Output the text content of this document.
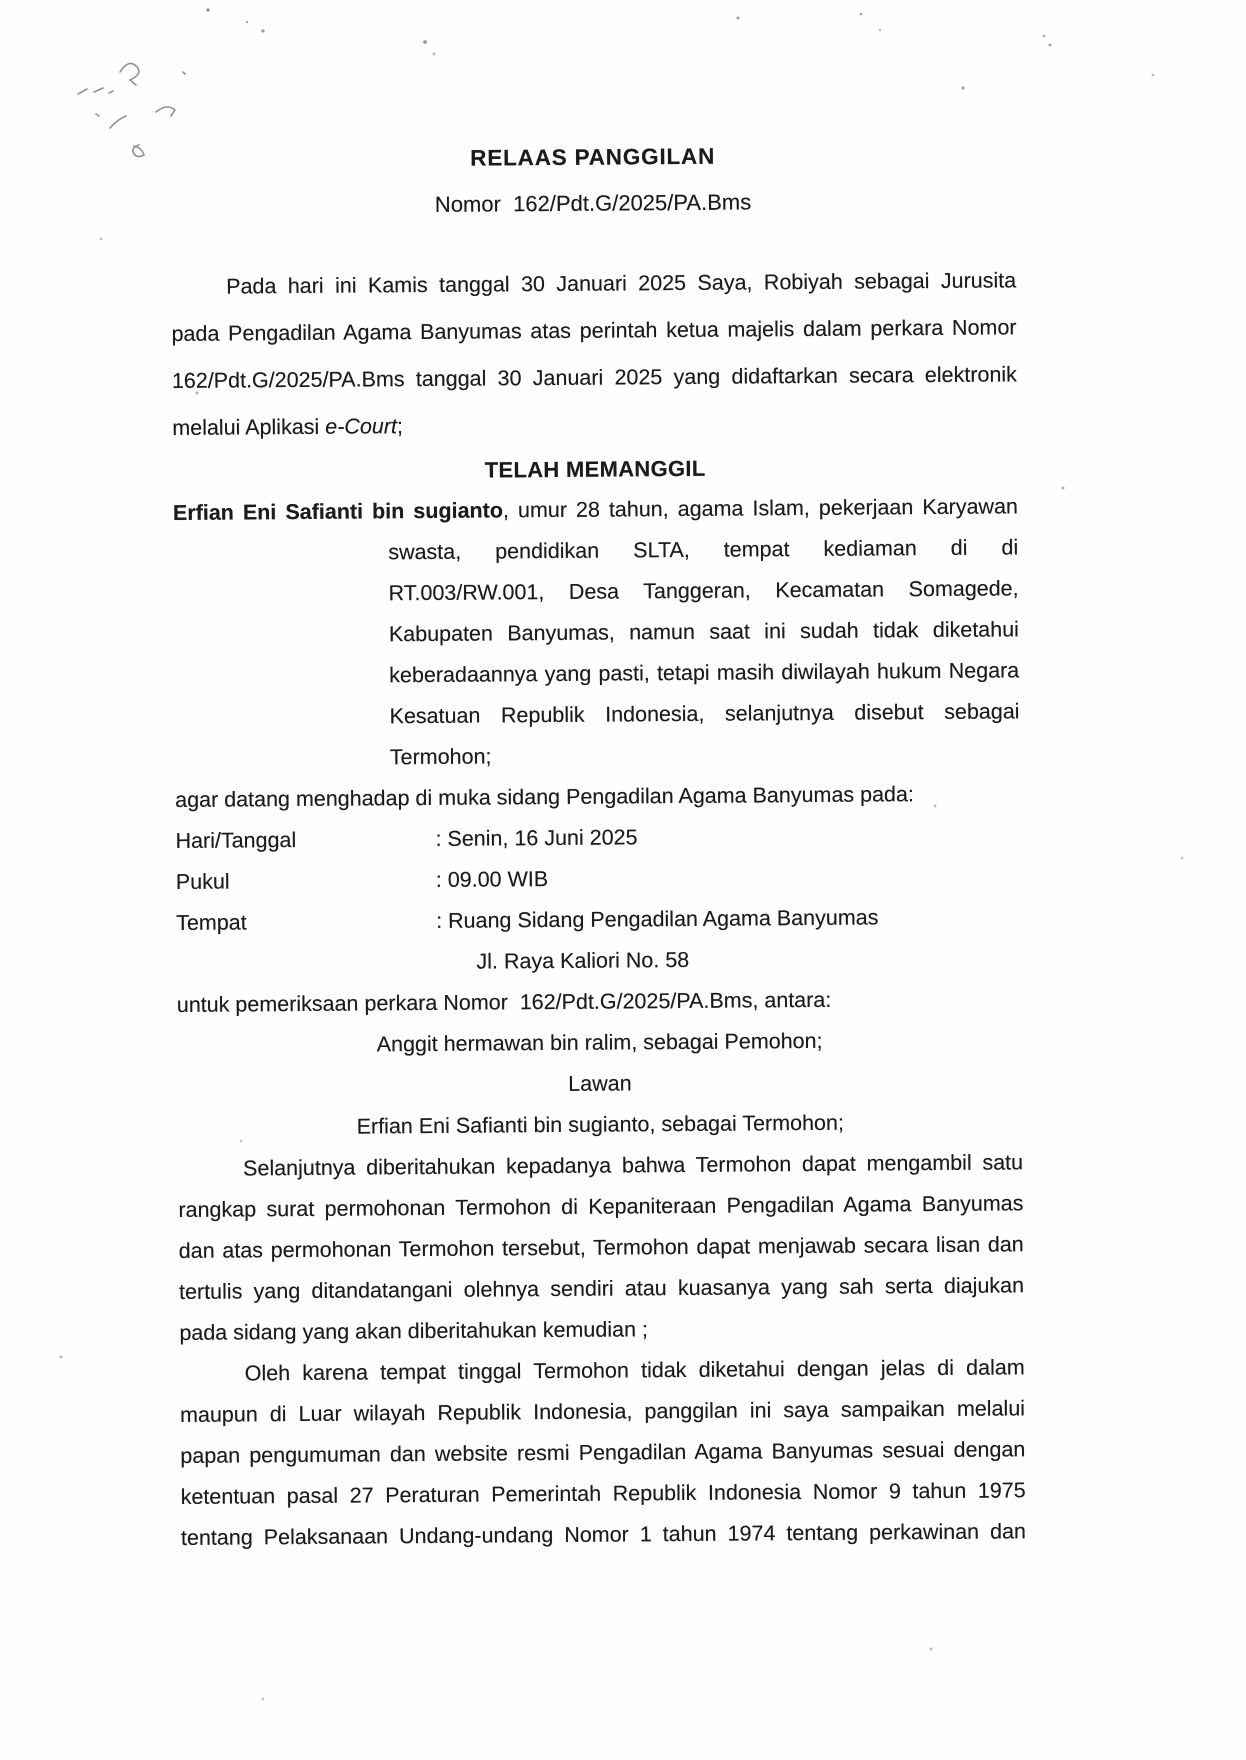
RELAAS PANGGILAN
Nomor  162/Pdt.G/2025/PA.Bms
Pada hari ini Kamis tanggal 30 Januari 2025 Saya, Robiyah sebagai Jurusita
pada Pengadilan Agama Banyumas atas perintah ketua majelis dalam perkara Nomor
162/Pdt.G/2025/PA.Bms tanggal 30 Januari 2025 yang didaftarkan secara elektronik
melalui Aplikasi e-Court;
TELAH MEMANGGIL
Erfian Eni Safianti bin sugianto, umur 28 tahun, agama Islam, pekerjaan Karyawan
swasta, pendidikan SLTA, tempat kediaman di di
RT.003/RW.001, Desa Tanggeran, Kecamatan Somagede,
Kabupaten Banyumas, namun saat ini sudah tidak diketahui
keberadaannya yang pasti, tetapi masih diwilayah hukum Negara
Kesatuan Republik Indonesia, selanjutnya disebut sebagai
Termohon;
agar datang menghadap di muka sidang Pengadilan Agama Banyumas pada:
Hari/Tanggal	: Senin, 16 Juni 2025
Pukul	: 09.00 WIB
Tempat	: Ruang Sidang Pengadilan Agama Banyumas
Jl. Raya Kaliori No. 58
untuk pemeriksaan perkara Nomor  162/Pdt.G/2025/PA.Bms, antara:
Anggit hermawan bin ralim, sebagai Pemohon;
Lawan
Erfian Eni Safianti bin sugianto, sebagai Termohon;
Selanjutnya diberitahukan kepadanya bahwa Termohon dapat mengambil satu
rangkap surat permohonan Termohon di Kepaniteraan Pengadilan Agama Banyumas
dan atas permohonan Termohon tersebut, Termohon dapat menjawab secara lisan dan
tertulis yang ditandatangani olehnya sendiri atau kuasanya yang sah serta diajukan
pada sidang yang akan diberitahukan kemudian ;
Oleh karena tempat tinggal Termohon tidak diketahui dengan jelas di dalam
maupun di Luar wilayah Republik Indonesia, panggilan ini saya sampaikan melalui
papan pengumuman dan website resmi Pengadilan Agama Banyumas sesuai dengan
ketentuan pasal 27 Peraturan Pemerintah Republik Indonesia Nomor 9 tahun 1975
tentang Pelaksanaan Undang-undang Nomor 1 tahun 1974 tentang perkawinan dan
